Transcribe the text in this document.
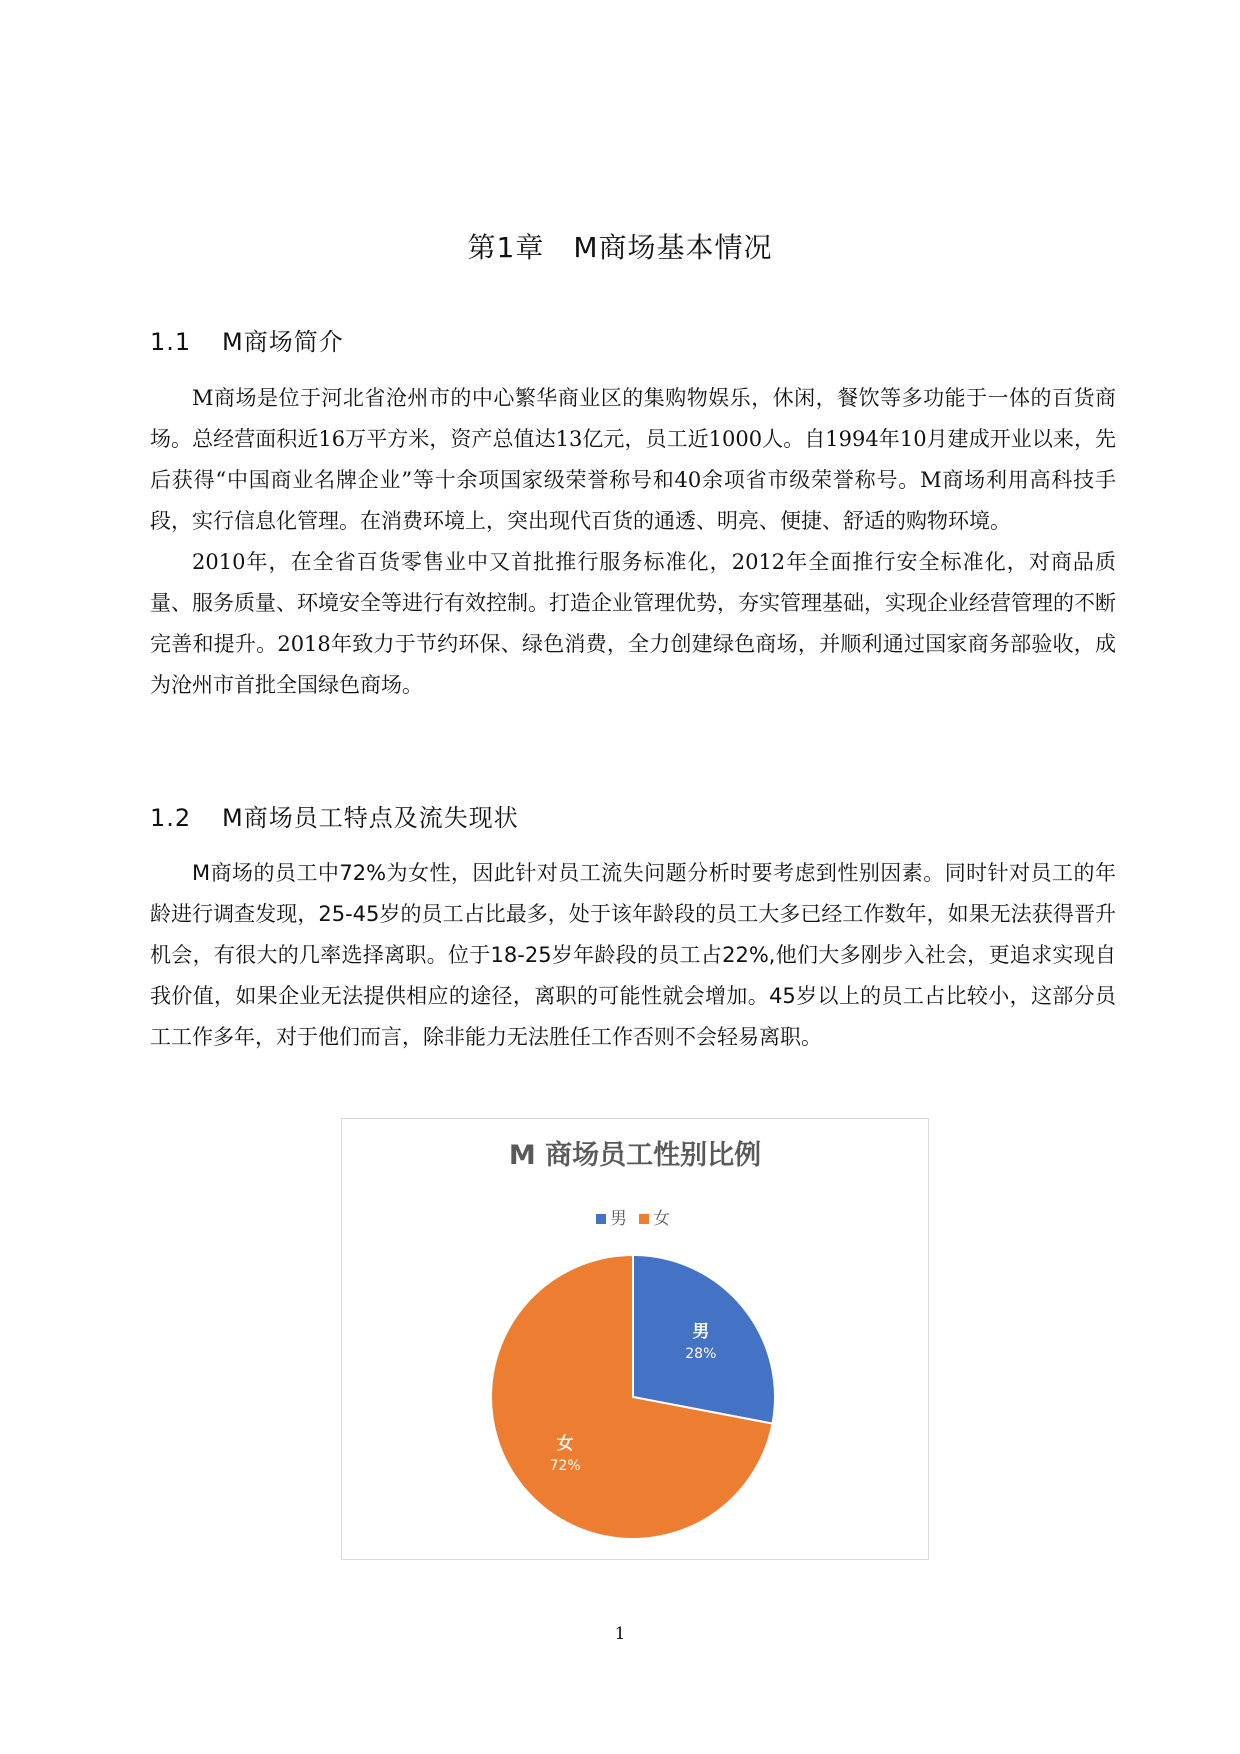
第1章　M商场基本情况
1.1 M商场简介

M商场是位于河北省沧州市的中心繁华商业区的集购物娱乐，休闲，餐饮等多功能于一体的百货商场。总经营面积近16万平方米，资产总值达13亿元，员工近1000人。自1994年10月建成开业以来，先后获得“中国商业名牌企业”等十余项国家级荣誉称号和40余项省市级荣誉称号。M商场利用高科技手段，实行信息化管理。在消费环境上，突出现代百货的通透、明亮、便捷、舒适的购物环境。

2010年，在全省百货零售业中又首批推行服务标准化，2012年全面推行安全标准化，对商品质量、服务质量、环境安全等进行有效控制。打造企业管理优势，夯实管理基础，实现企业经营管理的不断完善和提升。2018年致力于节约环保、绿色消费，全力创建绿色商场，并顺利通过国家商务部验收，成为沧州市首批全国绿色商场。

1.2 M商场员工特点及流失现状

M商场的员工中72%为女性，因此针对员工流失问题分析时要考虑到性别因素。同时针对员工的年龄进行调查发现，25-45岁的员工占比最多，处于该年龄段的员工大多已经工作数年，如果无法获得晋升机会，有很大的几率选择离职。位于18-25岁年龄段的员工占22%,他们大多刚步入社会，更追求实现自我价值，如果企业无法提供相应的途径，离职的可能性就会增加。45岁以上的员工占比较小，这部分员工工作多年，对于他们而言，除非能力无法胜任工作否则不会轻易离职。

M 商场员工性别比例
男 女
男
28%
女
72%
1
